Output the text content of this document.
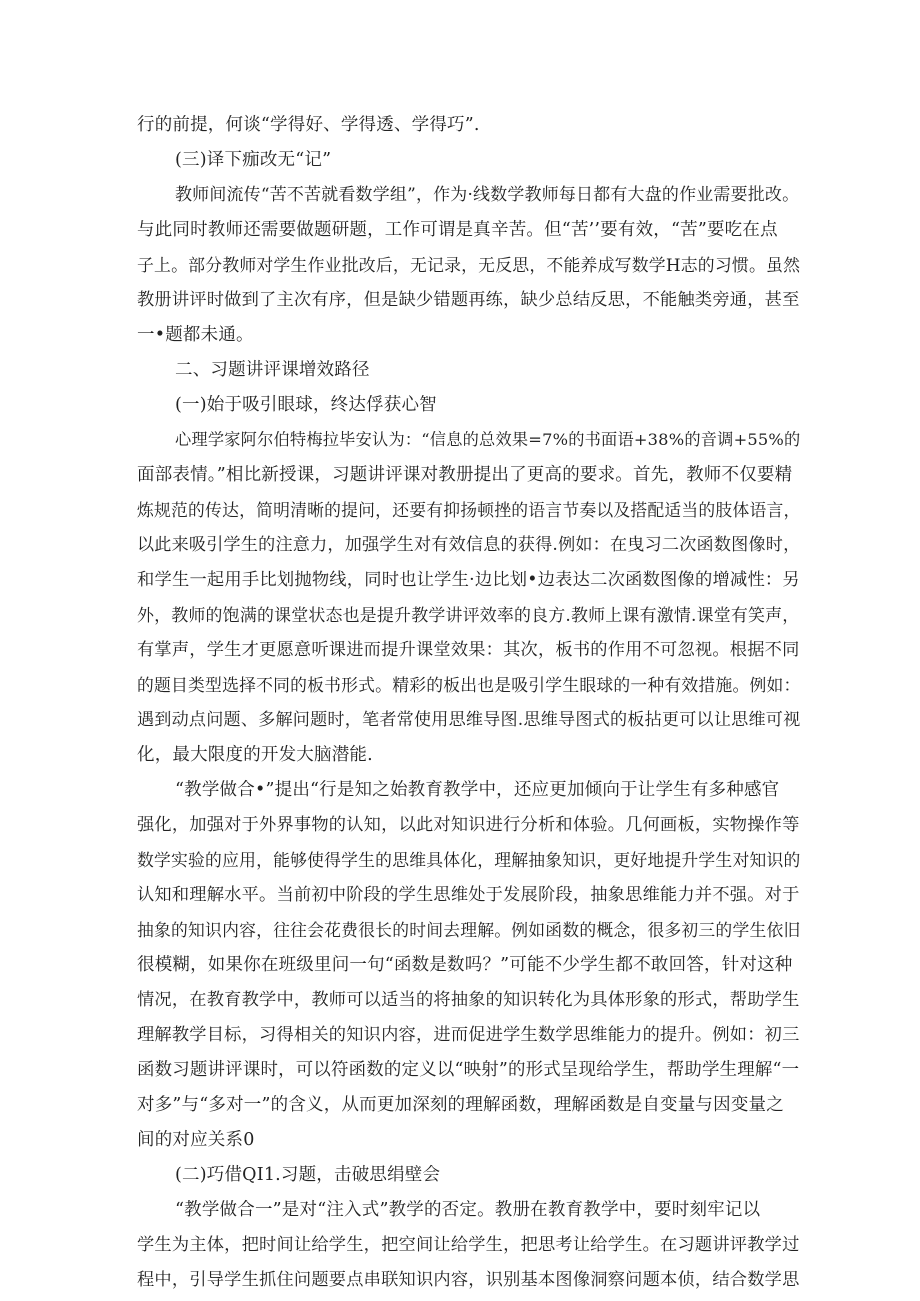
行的前提，何谈“学得好、学得透、学得巧”.
(三)译下痂改无“记”
教师间流传“苦不苦就看数学组”，作为·线数学教师每日都有大盘的作业需要批改。
与此同时教师还需要做题研题，工作可谓是真辛苦。但“苦’’要有效，“苦”要吃在点
子上。部分教师对学生作业批改后，无记录，无反思，不能养成写数学H志的习惯。虽然
教册讲评时做到了主次有序，但是缺少错题再练，缺少总结反思，不能触类旁通，甚至
一•题都未通。
二、习题讲评课增效路径
(一)始于吸引眼球，终达俘获心智
心理学家阿尔伯特梅拉毕安认为：“信息的总效果=7%的书面语+38%的音调+55%的
面部表情。”相比新授课，习题讲评课对教册提出了更高的要求。首先，教师不仅要精
炼规范的传达，简明清晰的提问，还要有抑扬顿挫的语言节奏以及搭配适当的肢体语言，
以此来吸引学生的注意力，加强学生对有效信息的获得.例如：在曳习二次函数图像时，
和学生一起用手比划抛物线，同时也让学生·边比划•边表达二次函数图像的增减性：另
外，教师的饱满的课堂状态也是提升教学讲评效率的良方.教师上课有激情.课堂有笑声，
有掌声，学生才更愿意听课进而提升课堂效果：其次，板书的作用不可忽视。根据不同
的题目类型选择不同的板书形式。精彩的板出也是吸引学生眼球的一种有效措施。例如：
遇到动点问题、多解问题时，笔者常使用思维导图.思维导图式的板拈更可以让思维可视
化，最大限度的开发大脑潜能.
“教学做合•”提出“行是知之始教育教学中，还应更加倾向于让学生有多种感官
强化，加强对于外界事物的认知，以此对知识进行分析和体验。几何画板，实物操作等
数学实验的应用，能够使得学生的思维具体化，理解抽象知识，更好地提升学生对知识的
认知和理解水平。当前初中阶段的学生思维处于发展阶段，抽象思维能力并不强。对于
抽象的知识内容，往往会花费很长的时间去理解。例如函数的概念，很多初三的学生依旧
很模糊，如果你在班级里问一句“函数是数吗？”可能不少学生都不敢回答，针对这种
情况，在教育教学中，教师可以适当的将抽象的知识转化为具体形象的形式，帮助学生
理解教学目标，习得相关的知识内容，进而促进学生数学思维能力的提升。例如：初三
函数习题讲评课时，可以符函数的定义以“映射”的形式呈现给学生，帮助学生理解“一
对多”与“多对一”的含义，从而更加深刻的理解函数，理解函数是自变量与因变量之
间的对应关系0
(二)巧借QI1.习题，击破思绢壁会
“教学做合一”是对“注入式”教学的否定。教册在教育教学中，要时刻牢记以
学生为主体，把时间让给学生，把空间让给学生，把思考让给学生。在习题讲评教学过
程中，引导学生抓住问题要点串联知识内容，识别基本图像洞察问题本侦，结合数学思
